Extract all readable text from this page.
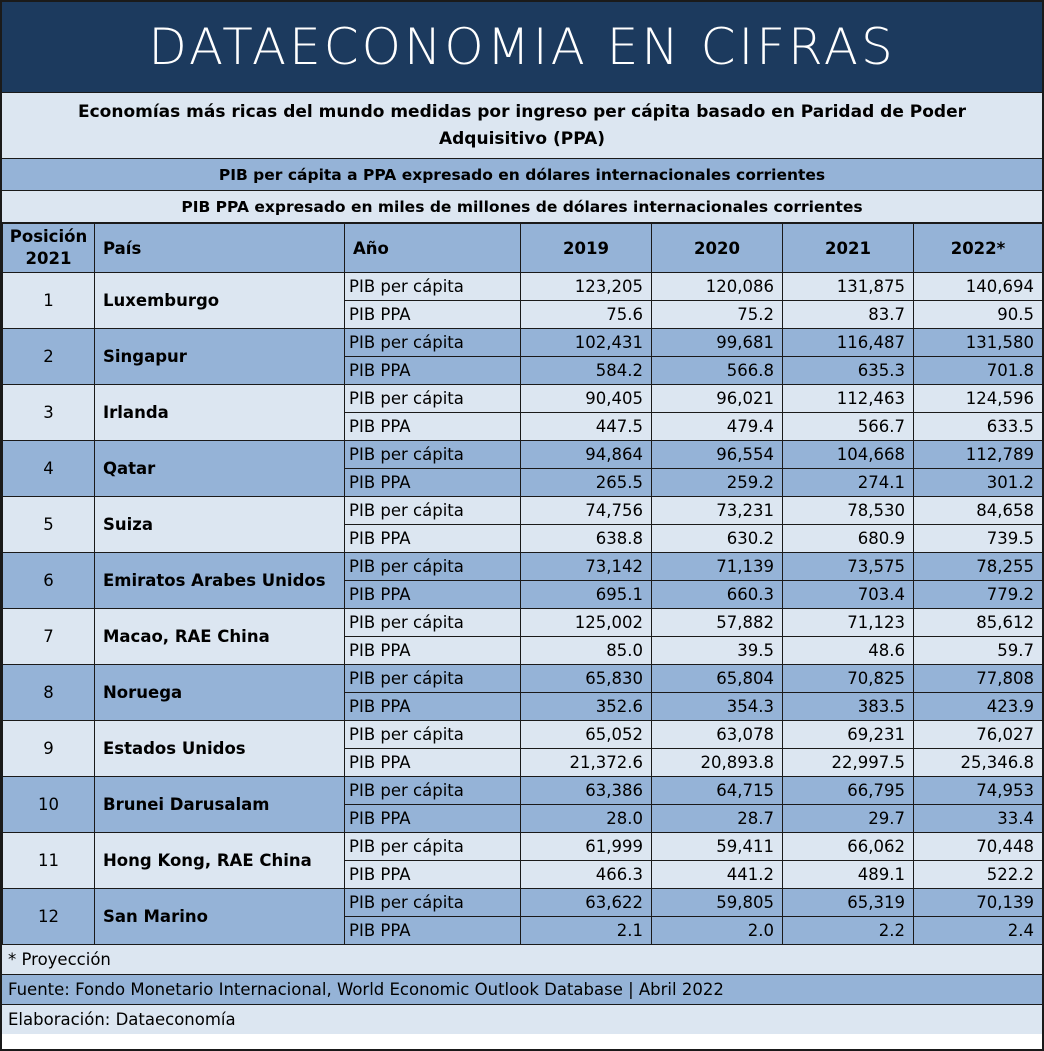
DATAECONOMIA EN CIFRAS
Economías más ricas del mundo medidas por ingreso per cápita basado en Paridad de Poder Adquisitivo (PPA)
PIB per cápita a PPA expresado en dólares internacionales corrientes
PIB PPA expresado en miles de millones de dólares internacionales corrientes
Posición 2021	País	Año	2019	2020	2021	2022*
1	Luxemburgo	PIB per cápita	123,205	120,086	131,875	140,694
		PIB PPA	75.6	75.2	83.7	90.5
2	Singapur	PIB per cápita	102,431	99,681	116,487	131,580
		PIB PPA	584.2	566.8	635.3	701.8
3	Irlanda	PIB per cápita	90,405	96,021	112,463	124,596
		PIB PPA	447.5	479.4	566.7	633.5
4	Qatar	PIB per cápita	94,864	96,554	104,668	112,789
		PIB PPA	265.5	259.2	274.1	301.2
5	Suiza	PIB per cápita	74,756	73,231	78,530	84,658
		PIB PPA	638.8	630.2	680.9	739.5
6	Emiratos Arabes Unidos	PIB per cápita	73,142	71,139	73,575	78,255
		PIB PPA	695.1	660.3	703.4	779.2
7	Macao, RAE China	PIB per cápita	125,002	57,882	71,123	85,612
		PIB PPA	85.0	39.5	48.6	59.7
8	Noruega	PIB per cápita	65,830	65,804	70,825	77,808
		PIB PPA	352.6	354.3	383.5	423.9
9	Estados Unidos	PIB per cápita	65,052	63,078	69,231	76,027
		PIB PPA	21,372.6	20,893.8	22,997.5	25,346.8
10	Brunei Darusalam	PIB per cápita	63,386	64,715	66,795	74,953
		PIB PPA	28.0	28.7	29.7	33.4
11	Hong Kong, RAE China	PIB per cápita	61,999	59,411	66,062	70,448
		PIB PPA	466.3	441.2	489.1	522.2
12	San Marino	PIB per cápita	63,622	59,805	65,319	70,139
		PIB PPA	2.1	2.0	2.2	2.4
* Proyección
Fuente: Fondo Monetario Internacional, World Economic Outlook Database | Abril 2022
Elaboración: Dataeconomía
